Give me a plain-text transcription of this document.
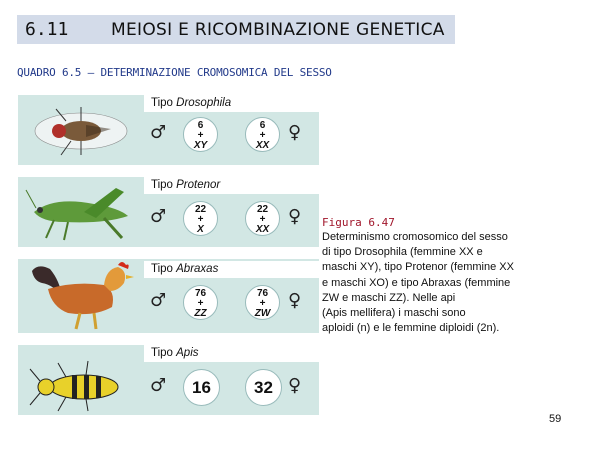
6.11	MEIOSI E RICOMBINAZIONE GENETICA
QUADRO 6.5 – DETERMINAZIONE CROMOSOMICA DEL SESSO
Tipo Drosophila
♂	6
+
XY
6
+
XX
♀
Tipo Protenor
♂	22
+
X
22
+
XX
♀
Tipo Abraxas
♂	76
+
ZZ
76
+
ZW
♀
Tipo Apis
♂	16	32 ♀
Figura 6.47
Determinismo cromosomico del sesso
di tipo Drosophila (femmine XX e
maschi XY), tipo Protenor (femmine XX
e maschi XO) e tipo Abraxas (femmine
ZW e maschi ZZ). Nelle api
(Apis mellifera) i maschi sono
aploidi (n) e le femmine diploidi (2n).
59
